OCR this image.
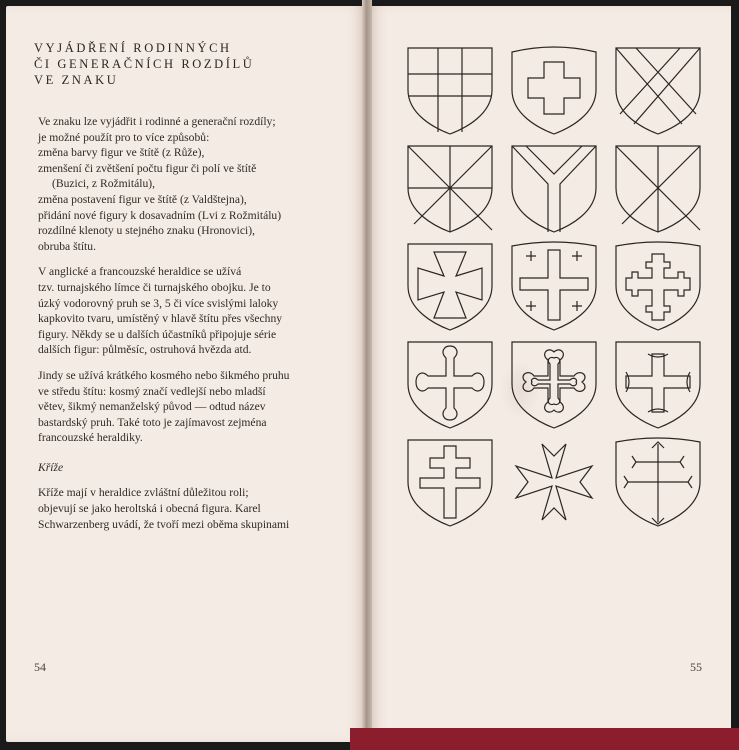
VYJÁDŘENÍ RODINNÝCH
ČI GENERAČNÍCH ROZDÍLŮ
VE ZNAKU

Ve znaku lze vyjádřit i rodinné a generační rozdíly;
je možné použít pro to více způsobů:
změna barvy figur ve štítě (z Růže),
zmenšení či zvětšení počtu figur či polí ve štítě
(Buzici, z Rožmitálu),
změna postavení figur ve štítě (z Valdštejna),
přidání nové figury k dosavadním (Lvi z Rožmitálu)
rozdílné klenoty u stejného znaku (Hronovici),
obruba štítu.

V anglické a francouzské heraldice se užívá
tzv. turnajského límce či turnajského obojku. Je to
úzký vodorovný pruh se 3, 5 či více svislými laloky
kapkovito tvaru, umístěný v hlavě štítu přes všechny
figury. Někdy se u dalších účastníků připojuje série
dalších figur: půlměsíc, ostruhová hvězda atd.

Jindy se užívá krátkého kosmého nebo šikmého pruhu
ve středu štítu: kosmý značí vedlejší nebo mladší
větev, šikmý nemanželský původ — odtud název
bastardský pruh. Také toto je zajímavost zejména
francouzské heraldiky.

Kříže

Kříže mají v heraldice zvláštní důležitou roli;
objevují se jako heroltská i obecná figura. Karel
Schwarzenberg uvádí, že tvoří mezi oběma skupinami

54	55
